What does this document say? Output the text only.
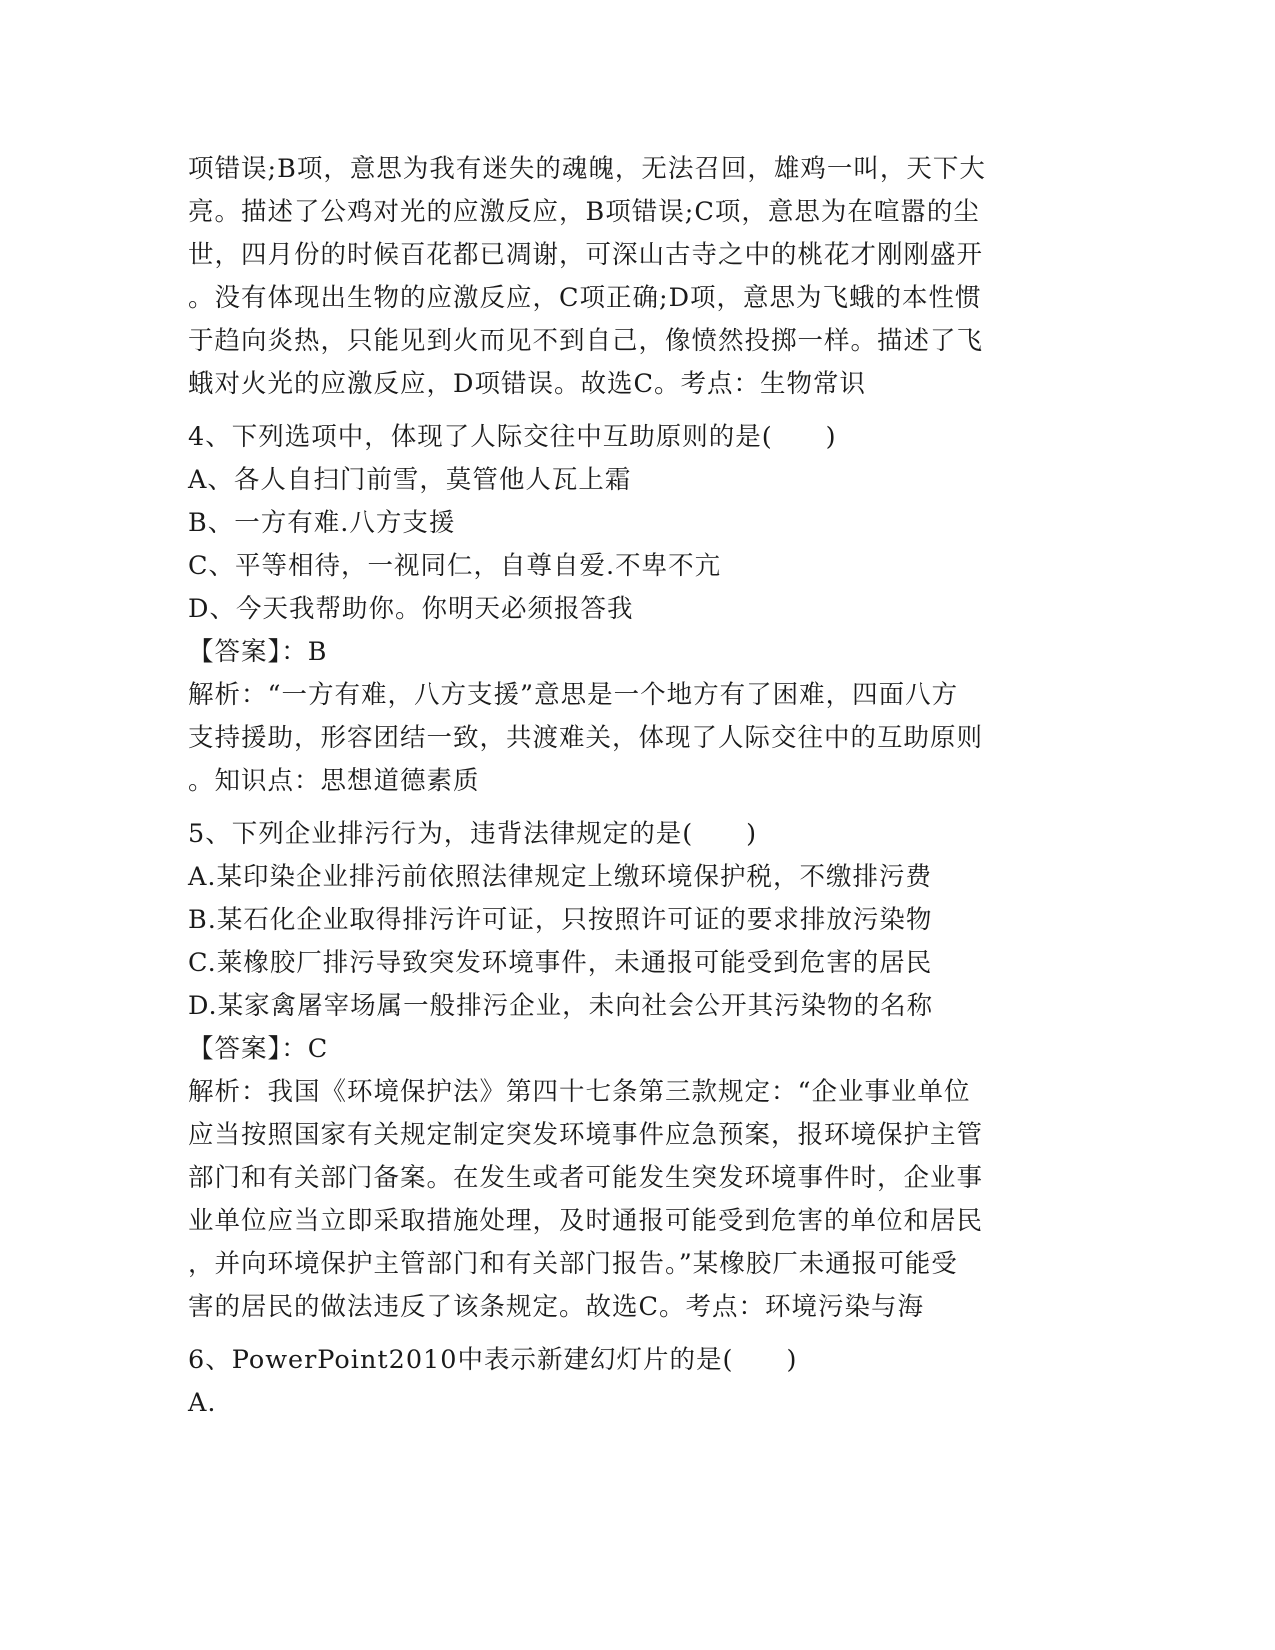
项错误;B项，意思为我有迷失的魂魄，无法召回，雄鸡一叫，天下大
亮。描述了公鸡对光的应激反应，B项错误;C项，意思为在喧嚣的尘
世，四月份的时候百花都已凋谢，可深山古寺之中的桃花才刚刚盛开
。没有体现出生物的应激反应，C项正确;D项，意思为飞蛾的本性惯
于趋向炎热，只能见到火而见不到自己，像愤然投掷一样。描述了飞
蛾对火光的应激反应，D项错误。故选C。考点：生物常识
4、下列选项中，体现了人际交往中互助原则的是(　　)
A、各人自扫门前雪，莫管他人瓦上霜
B、一方有难.八方支援
C、平等相待，一视同仁，自尊自爱.不卑不亢
D、今天我帮助你。你明天必须报答我
【答案】：B
解析：“一方有难，八方支援”意思是一个地方有了困难，四面八方
支持援助，形容团结一致，共渡难关，体现了人际交往中的互助原则
。知识点：思想道德素质
5、下列企业排污行为，违背法律规定的是(　　)
A.某印染企业排污前依照法律规定上缴环境保护税，不缴排污费
B.某石化企业取得排污许可证，只按照许可证的要求排放污染物
C.莱橡胶厂排污导致突发环境事件，未通报可能受到危害的居民
D.某家禽屠宰场属一般排污企业，未向社会公开其污染物的名称
【答案】：C
解析：我国《环境保护法》第四十七条第三款规定：“企业事业单位
应当按照国家有关规定制定突发环境事件应急预案，报环境保护主管
部门和有关部门备案。在发生或者可能发生突发环境事件时，企业事
业单位应当立即采取措施处理，及时通报可能受到危害的单位和居民
，并向环境保护主管部门和有关部门报告。”某橡胶厂未通报可能受
害的居民的做法违反了该条规定。故选C。考点：环境污染与海
6、PowerPoint2010中表示新建幻灯片的是(　　)
A.
